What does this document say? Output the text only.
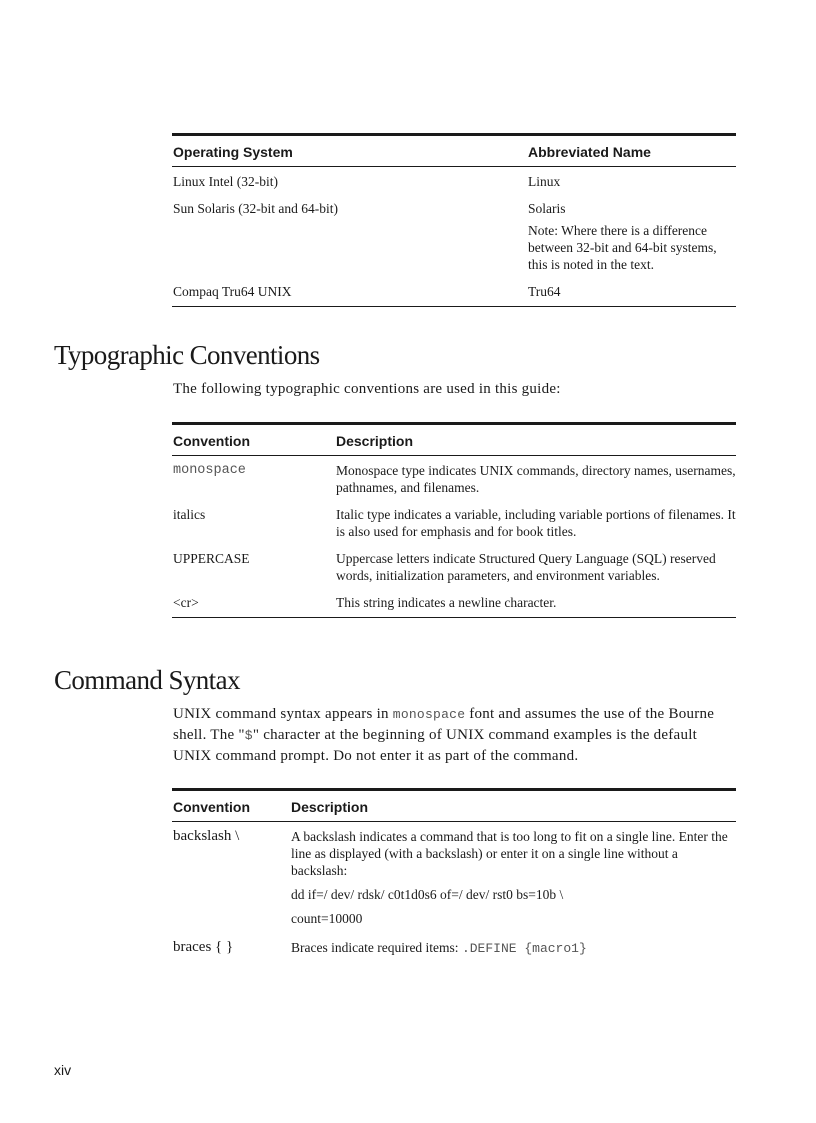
Operating System	Abbreviated Name
Linux Intel (32-bit)	Linux
Sun Solaris (32-bit and 64-bit)	Solaris
	Note: Where there is a difference between 32-bit and 64-bit systems, this is noted in the text.
Compaq Tru64 UNIX	Tru64
Typographic Conventions

The following typographic conventions are used in this guide:

Convention	Description
monospace	Monospace type indicates UNIX commands, directory names, usernames, pathnames, and filenames.
italics	Italic type indicates a variable, including variable portions of filenames. It is also used for emphasis and for book titles.
UPPERCASE	Uppercase letters indicate Structured Query Language (SQL) reserved words, initialization parameters, and environment variables.
<cr>	This string indicates a newline character.
Command Syntax

UNIX command syntax appears in monospace font and assumes the use of the Bourne shell. The "$" character at the beginning of UNIX command examples is the default UNIX command prompt. Do not enter it as part of the command.

Convention	Description
backslash \	A backslash indicates a command that is too long to fit on a single line. Enter the line as displayed (with a backslash) or enter it on a single line without a backslash:
	dd if=/ dev/ rdsk/ c0t1d0s6 of=/ dev/ rst0 bs=10b \
	count=10000
braces { }	Braces indicate required items: .DEFINE {macro1}

xiv
